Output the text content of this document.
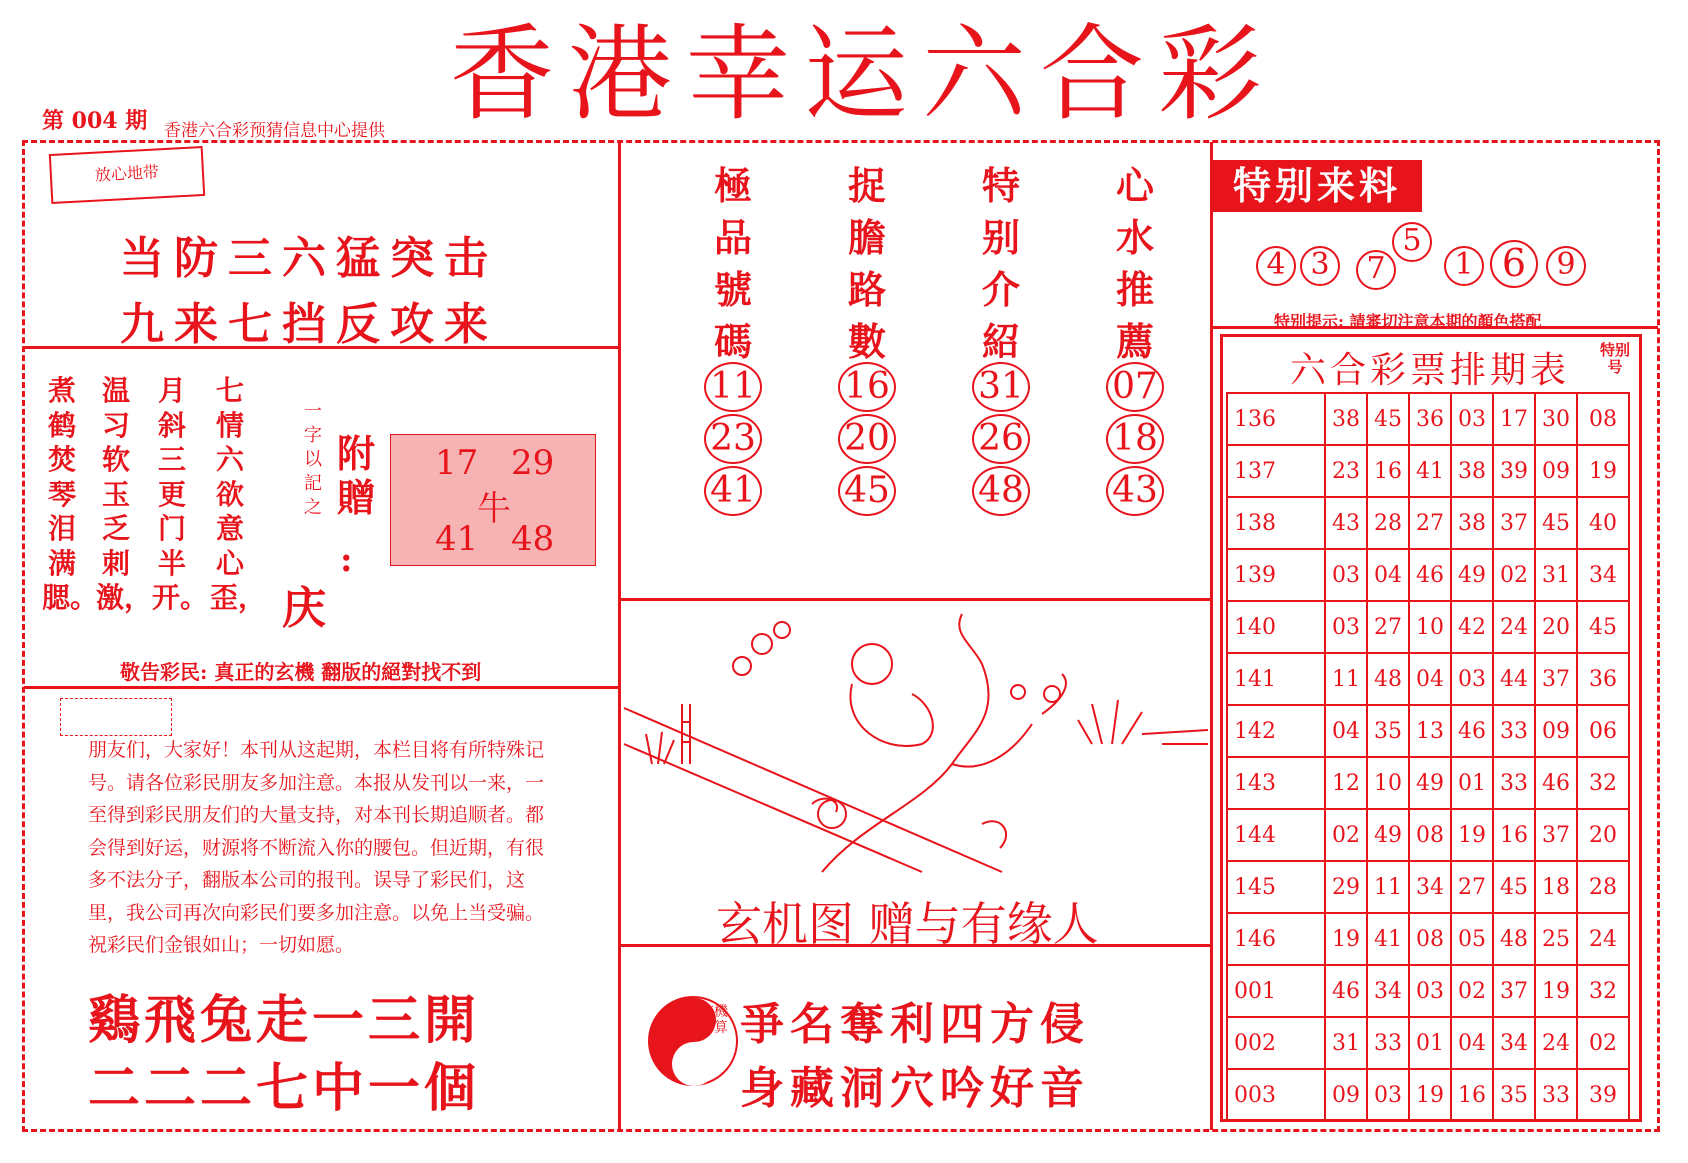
香港幸运六合彩
第 004 期 香港六合彩预猜信息中心提供
放心地带
当防三六猛突击
九来七挡反攻来
七情六欲意心歪，
月斜三更门半开。
温习软玉乏刺激，
煮鹤焚琴泪满腮。
一字以記之
附贈
:
庆
17 29
牛
41 48
敬告彩民: 真正的玄機 翻版的絕對找不到
朋友们，大家好！本刊从这起期，本栏目将有所特殊记号。请各位彩民朋友多加注意。本报从发刊以一来，一至得到彩民朋友们的大量支持，对本刊长期追顺者。都会得到好运，财源将不断流入你的腰包。但近期，有很多不法分子，翻版本公司的报刊。误导了彩民们，这里，我公司再次向彩民们要多加注意。以免上当受骗。祝彩民们金银如山；一切如愿。
鷄飛兔走一三開
二二二七中一個
極品號碼
捉膽路數
特别介紹
心水推薦
11
23
41
16
20
45
31
26
48
07
18
43
玄机图 赠与有缘人
玄機神算 爭名奪利四方侵
身藏洞穴吟好音
特别来料
4 3	7
5
1 6	9
特别提示: 請審切注意本期的顏色搭配
六合彩票排期表 特别号
136	38	45	36	03	17	30	08
137	23	16	41	38	39	09	19
138	43	28	27	38	37	45	40
139	03	04	46	49	02	31	34
140	03	27	10	42	24	20	45
141	11	48	04	03	44	37	36
142	04	35	13	46	33	09	06
143	12	10	49	01	33	46	32
144	02	49	08	19	16	37	20
145	29	11	34	27	45	18	28
146	19	41	08	05	48	25	24
001	46	34	03	02	37	19	32
002	31	33	01	04	34	24	02
003	09	03	19	16	35	33	39
